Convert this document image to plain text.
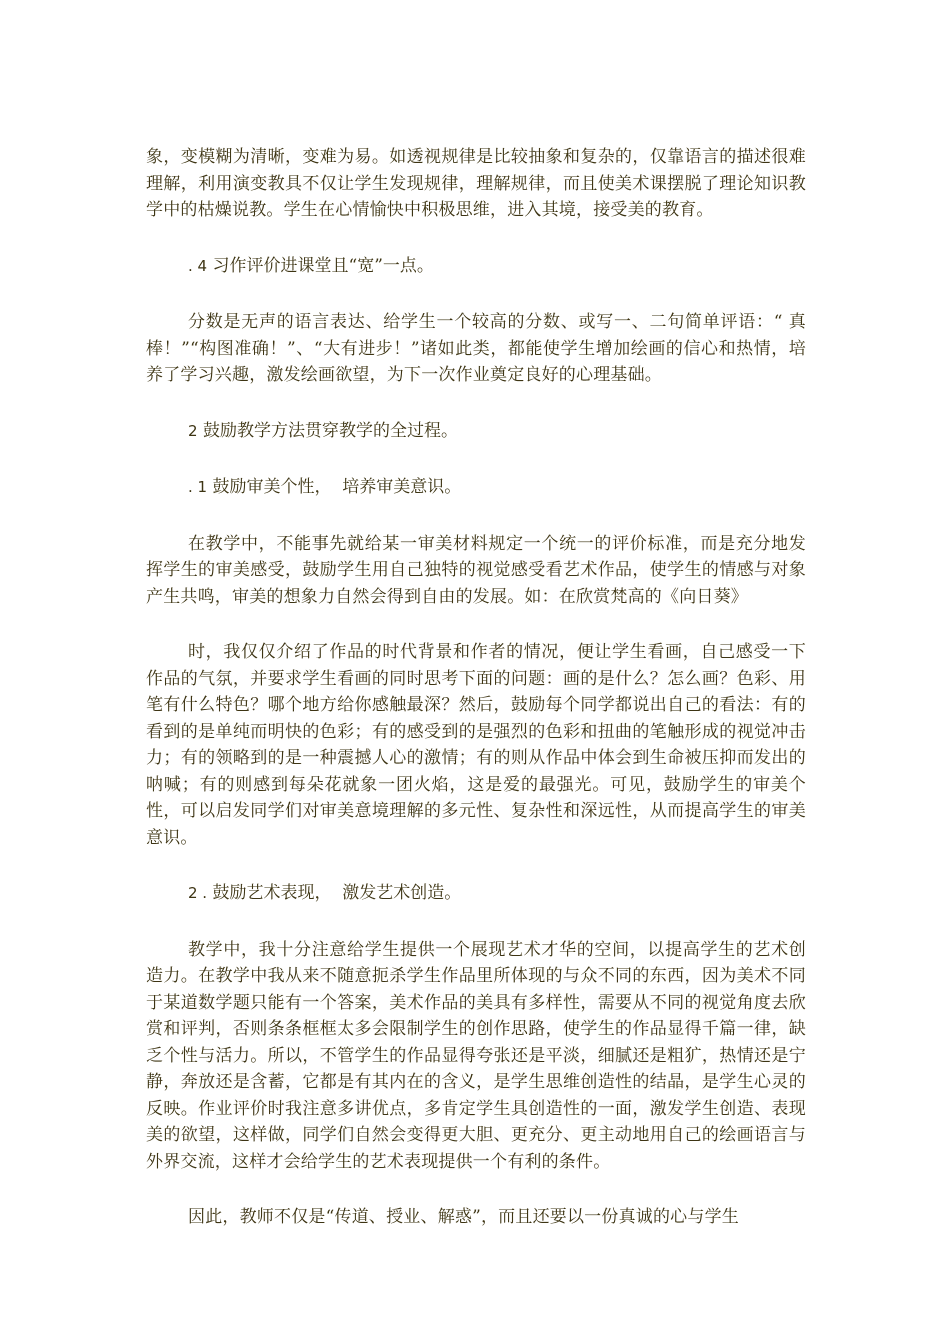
象，变模糊为清晰，变难为易。如透视规律是比较抽象和复杂的，仅靠语言的描述很难理解，利用演变教具不仅让学生发现规律，理解规律，而且使美术课摆脱了理论知识教学中的枯燥说教。学生在心情愉快中积极思维，进入其境，接受美的教育。

. 4 习作评价进课堂且“宽”一点。

分数是无声的语言表达、给学生一个较高的分数、或写一、二句简单评语：“ 真棒！”“构图准确！”、“大有进步！”诸如此类，都能使学生增加绘画的信心和热情，培养了学习兴趣，激发绘画欲望，为下一次作业奠定良好的心理基础。

2 鼓励教学方法贯穿教学的全过程。
. 1 鼓励审美个性，  培养审美意识。

在教学中，不能事先就给某一审美材料规定一个统一的评价标准，而是充分地发挥学生的审美感受，鼓励学生用自己独特的视觉感受看艺术作品，使学生的情感与对象产生共鸣，审美的想象力自然会得到自由的发展。如：在欣赏梵高的《向日葵》

时，我仅仅介绍了作品的时代背景和作者的情况，便让学生看画，自己感受一下作品的气氛，并要求学生看画的同时思考下面的问题：画的是什么？怎么画？色彩、用笔有什么特色？哪个地方给你感触最深？然后，鼓励每个同学都说出自己的看法：有的看到的是单纯而明快的色彩；有的感受到的是强烈的色彩和扭曲的笔触形成的视觉冲击力；有的领略到的是一种震撼人心的激情；有的则从作品中体会到生命被压抑而发出的呐喊；有的则感到每朵花就象一团火焰，这是爱的最强光。可见，鼓励学生的审美个性，可以启发同学们对审美意境理解的多元性、复杂性和深远性，从而提高学生的审美意识。

2 . 鼓励艺术表现，  激发艺术创造。

教学中，我十分注意给学生提供一个展现艺术才华的空间，以提高学生的艺术创造力。在教学中我从来不随意扼杀学生作品里所体现的与众不同的东西，因为美术不同于某道数学题只能有一个答案，美术作品的美具有多样性，需要从不同的视觉角度去欣赏和评判，否则条条框框太多会限制学生的创作思路，使学生的作品显得千篇一律，缺乏个性与活力。所以，不管学生的作品显得夸张还是平淡，细腻还是粗犷，热情还是宁静，奔放还是含蓄，它都是有其内在的含义，是学生思维创造性的结晶，是学生心灵的反映。作业评价时我注意多讲优点，多肯定学生具创造性的一面，激发学生创造、表现美的欲望，这样做，同学们自然会变得更大胆、更充分、更主动地用自己的绘画语言与外界交流，这样才会给学生的艺术表现提供一个有利的条件。

因此，教师不仅是“传道、授业、解惑”，而且还要以一份真诚的心与学生
